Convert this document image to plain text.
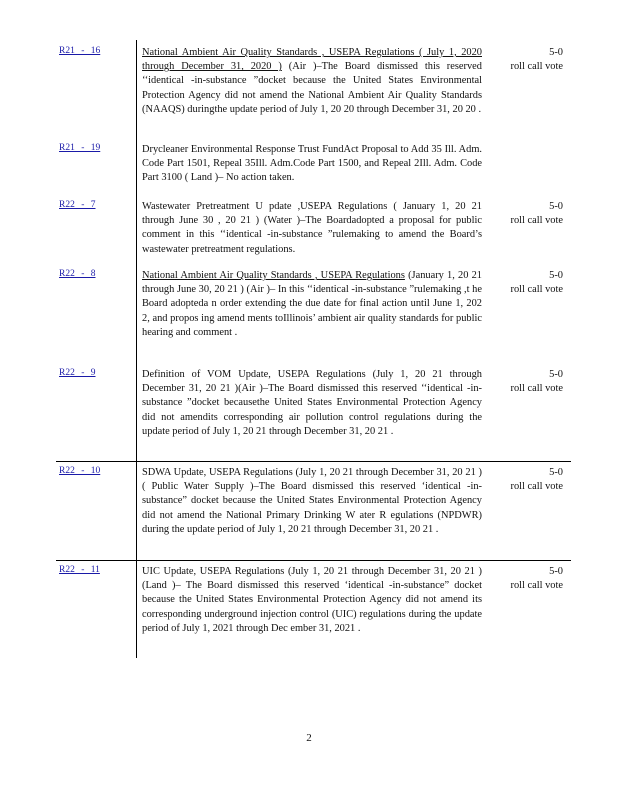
R21 - 16	National Ambient Air Quality Standards , USEPA Regulations ( July 1, 2020 through December 31, 2020 ) (Air )–The Board dismissed this reserved ‘‘identical -in-substance ”docket because the United States Environmental Protection Agency did not amend the National Ambient Air Quality Standards (NAAQS) duringthe update period of July 1, 20 20 through December 31, 20 20 .
5-0
roll call vote
R21 - 19	Drycleaner Environmental Response Trust FundAct Proposal to Add 35 Ill. Adm. Code Part 1501, Repeal 35Ill. Adm.Code Part 1500, and Repeal 2Ill. Adm. Code Part 3100 ( Land )– No action taken.
R22 - 7	Wastewater Pretreatment U pdate ,USEPA Regulations ( January 1, 20 21 through June 30 , 20 21 ) (Water )–The Boardadopted a proposal for public comment in this ‘‘identical -in-substance ”rulemaking to amend the Board’s wastewater pretreatment regulations.
5-0
roll call vote
R22 - 8	National Ambient Air Quality Standards , USEPA Regulations (January 1, 20 21 through June 30, 20 21 ) (Air )– In this ‘‘identical -in-substance ”rulemaking ,t he Board adopteda n order extending the due date for final action until June 1, 202 2, and propos ing amend ments toIllinois’ ambient air quality standards for public hearing and comment .
5-0
roll call vote
R22 - 9	Definition of VOM Update, USEPA Regulations (July 1, 20 21 through December 31, 20 21 )(Air )–The Board dismissed this reserved ‘‘identical -in-substance ”docket becausethe United States Environmental Protection Agency did not amendits corresponding air pollution control regulations during the update period of July 1, 20 21 through December 31, 20 21 .
5-0
roll call vote
R22 - 10	SDWA Update, USEPA Regulations (July 1, 20 21 through December 31, 20 21 )( Public Water Supply )–The Board dismissed this reserved ‘identical -in-substance” docket because the United States Environmental Protection Agency did not amend the National Primary Drinking W ater R egulations (NPDWR) during the update period of July 1, 20 21 through December 31, 20 21 .
5-0
roll call vote
R22 - 11	UIC Update, USEPA Regulations (July 1, 20 21 through December 31, 20 21 )(Land )– The Board dismissed this reserved ‘identical -in-substance” docket because the United States Environmental Protection Agency did not amend its corresponding underground injection control (UIC) regulations during the update period of July 1, 2021 through Dec ember 31, 2021 .
5-0
roll call vote
2
